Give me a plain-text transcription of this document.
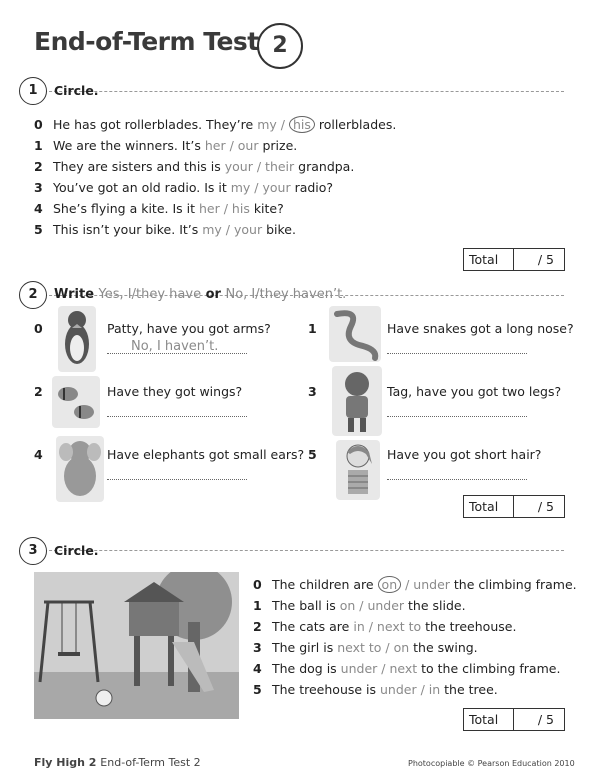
End-of-Term Test 2
1	Circle.
0 He has got rollerblades. They’re my / his rollerblades.
1 We are the winners. It’s her / our prize.
2 They are sisters and this is your / their grandpa.
3 You’ve got an old radio. Is it my / your radio?
4 She’s flying a kite. Is it her / his kite?
5 This isn’t your bike. It’s my / your bike.
Total	/ 5
2	Write Yes, I/they have or No, I/they haven’t.
0	Patty, have you got arms?
No, I haven’t.
1	Have snakes got a long nose?
2	Have they got wings?	3	Tag, have you got two legs?
4	Have elephants got small ears? 5	Have you got short hair?
Total	/ 5
3	Circle.
0 The children are on / under the climbing frame.
1 The ball is on / under the slide.
2 The cats are in / next to the treehouse.
3 The girl is next to / on the swing.
4 The dog is under / next to the climbing frame.
5 The treehouse is under / in the tree.
Total	/ 5
Fly High 2 End-of-Term Test 2	Photocopiable © Pearson Education 2010
